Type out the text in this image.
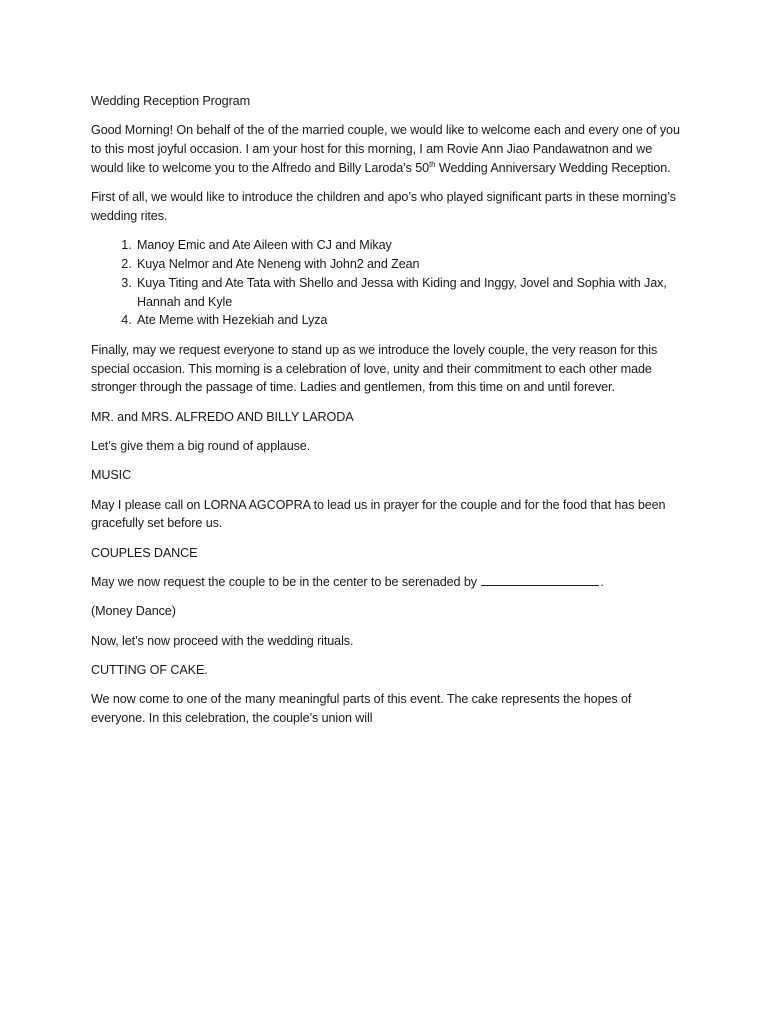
Wedding Reception Program

Good Morning! On behalf of the of the married couple, we would like to welcome each and every one of you to this most joyful occasion. I am your host for this morning, I am Rovie Ann Jiao Pandawatnon and we would like to welcome you to the Alfredo and Billy Laroda’s 50th Wedding Anniversary Wedding Reception.

First of all, we would like to introduce the children and apo’s who played significant parts in these morning’s wedding rites.

1. Manoy Emic and Ate Aileen with CJ and Mikay
2. Kuya Nelmor and Ate Neneng with John2 and Zean
3. Kuya Titing and Ate Tata with Shello and Jessa with Kiding and Inggy, Jovel and Sophia with Jax, Hannah and Kyle
4. Ate Meme with Hezekiah and Lyza

Finally, may we request everyone to stand up as we introduce the lovely couple, the very reason for this special occasion. This morning is a celebration of love, unity and their commitment to each other made stronger through the passage of time. Ladies and gentlemen, from this time on and until forever.

MR. and MRS. ALFREDO AND BILLY LARODA

Let’s give them a big round of applause.

MUSIC

May I please call on LORNA AGCOPRA to lead us in prayer for the couple and for the food that has been gracefully set before us.

COUPLES DANCE

May we now request the couple to be in the center to be serenaded by	.

(Money Dance)

Now, let’s now proceed with the wedding rituals.

CUTTING OF CAKE.

We now come to one of the many meaningful parts of this event. The cake represents the hopes of everyone. In this celebration, the couple’s union will
